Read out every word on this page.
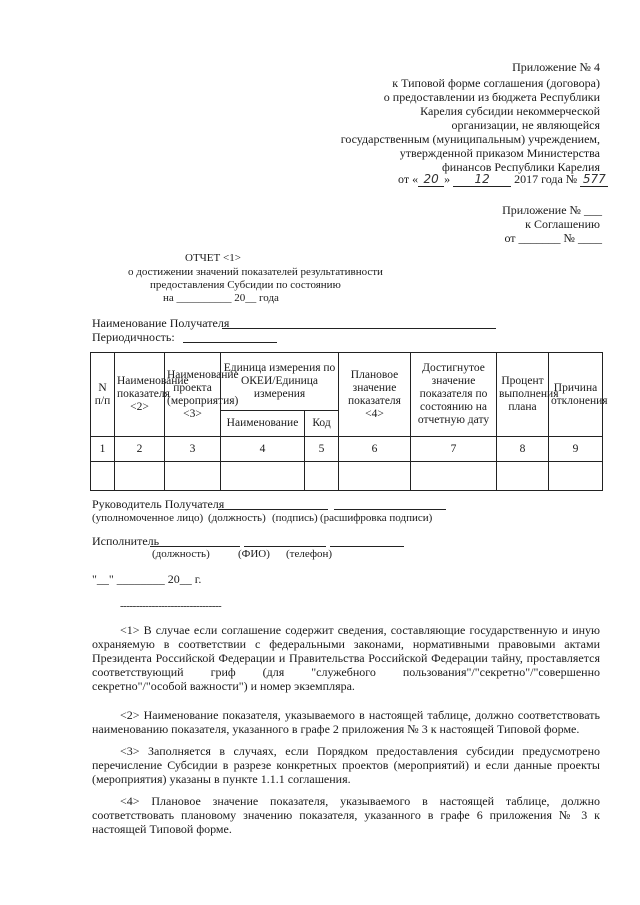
Приложение № 4
к Типовой форме соглашения (договора)
о предоставлении из бюджета Республики
Карелия субсидии некоммерческой
организации, не являющейся
государственным (муниципальным) учреждением,
утвержденной приказом Министерства
финансов Республики Карелия
от « 20 » 12 2017 года № 577
Приложение № ___
к Соглашению
от _______ № ____
ОТЧЕТ <1>
о достижении значений показателей результативности
предоставления Субсидии по состоянию
на __________ 20__ года
Наименование Получателя
Периодичность:
N п/п	Наименование показателя <2>	Наименование проекта (мероприятия) <3>	Единица измерения по ОКЕИ/Единица измерения		Плановое значение показателя <4>	Достигнутое значение показателя по состоянию на отчетную дату	Процент выполнения плана	Причина отклонения
			Наименование	Код				
1	2	3	4	5	6	7	8	9

Руководитель Получателя
(уполномоченное лицо) (должность) (подпись) (расшифровка подписи)
Исполнитель
(должность)	(ФИО) (телефон)
"__" ________ 20__ г.
--------------------------------
<1> В случае если соглашение содержит сведения, составляющие государственную и иную охраняемую в соответствии с федеральными законами, нормативными правовыми актами Президента Российской Федерации и Правительства Российской Федерации тайну, проставляется соответствующий гриф (для "служебного пользования"/"секретно"/"совершенно секретно"/"особой важности") и номер экземпляра.
<2> Наименование показателя, указываемого в настоящей таблице, должно соответствовать наименованию показателя, указанного в графе 2 приложения № 3 к настоящей Типовой форме.
<3> Заполняется в случаях, если Порядком предоставления субсидии предусмотрено перечисление Субсидии в разрезе конкретных проектов (мероприятий) и если данные проекты (мероприятия) указаны в пункте 1.1.1 соглашения.
<4> Плановое значение показателя, указываемого в настоящей таблице, должно соответствовать плановому значению показателя, указанного в графе 6 приложения № 3 к настоящей Типовой форме.
